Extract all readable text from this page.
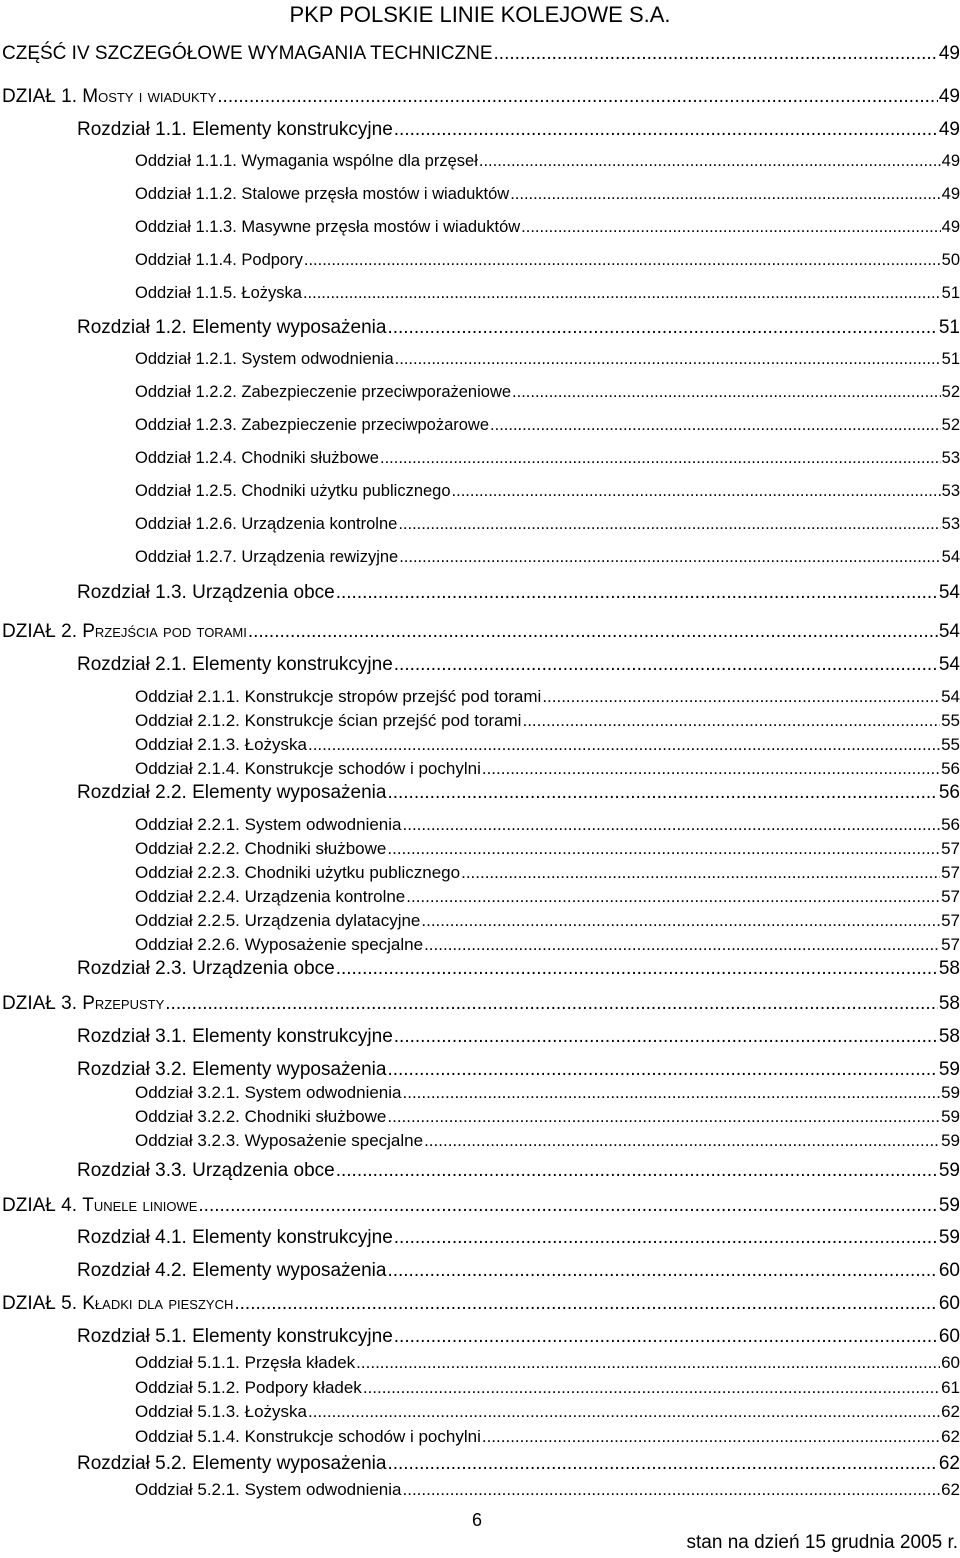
PKP POLSKIE LINIE KOLEJOWE S.A.
CZĘŚĆ IV SZCZEGÓŁOWE WYMAGANIA TECHNICZNE .....	49
DZIAŁ 1. Mosty i wiadukty .....	49
Rozdział 1.1. Elementy konstrukcyjne .....	49
Oddział 1.1.1. Wymagania wspólne dla przęseł .....	49
Oddział 1.1.2. Stalowe przęsła mostów i wiaduktów .....	49
Oddział 1.1.3. Masywne przęsła mostów i wiaduktów .....	49
Oddział 1.1.4. Podpory .....	50
Oddział 1.1.5. Łożyska .....	51
Rozdział 1.2. Elementy wyposażenia .....	51
Oddział 1.2.1. System odwodnienia .....	51
Oddział 1.2.2. Zabezpieczenie przeciwporażeniowe .....	52
Oddział 1.2.3. Zabezpieczenie przeciwpożarowe .....	52
Oddział 1.2.4. Chodniki służbowe .....	53
Oddział 1.2.5. Chodniki użytku publicznego .....	53
Oddział 1.2.6. Urządzenia kontrolne .....	53
Oddział 1.2.7. Urządzenia rewizyjne .....	54
Rozdział 1.3. Urządzenia obce .....	54
DZIAŁ 2. Przejścia pod torami .....	54
Rozdział 2.1. Elementy konstrukcyjne .....	54
Oddział 2.1.1. Konstrukcje stropów przejść pod torami .....	54
Oddział 2.1.2. Konstrukcje ścian przejść pod torami .....	55
Oddział 2.1.3. Łożyska .....	55
Oddział 2.1.4. Konstrukcje schodów i pochylni .....	56
Rozdział 2.2. Elementy wyposażenia .....	56
Oddział 2.2.1. System odwodnienia .....	56
Oddział 2.2.2. Chodniki służbowe .....	57
Oddział 2.2.3. Chodniki użytku publicznego .....	57
Oddział 2.2.4. Urządzenia kontrolne .....	57
Oddział 2.2.5. Urządzenia dylatacyjne .....	57
Oddział 2.2.6. Wyposażenie specjalne .....	57
Rozdział 2.3. Urządzenia obce .....	58
DZIAŁ 3. Przepusty .....	58
Rozdział 3.1. Elementy konstrukcyjne .....	58
Rozdział 3.2. Elementy wyposażenia .....	59
Oddział 3.2.1. System odwodnienia .....	59
Oddział 3.2.2. Chodniki służbowe .....	59
Oddział 3.2.3. Wyposażenie specjalne .....	59
Rozdział 3.3. Urządzenia obce .....	59
DZIAŁ 4. Tunele liniowe .....	59
Rozdział 4.1. Elementy konstrukcyjne .....	59
Rozdział 4.2. Elementy wyposażenia .....	60
DZIAŁ 5. Kładki dla pieszych .....	60
Rozdział 5.1. Elementy konstrukcyjne .....	60
Oddział 5.1.1. Przęsła kładek .....	60
Oddział 5.1.2. Podpory kładek .....	61
Oddział 5.1.3. Łożyska .....	62
Oddział 5.1.4. Konstrukcje schodów i pochylni .....	62
Rozdział 5.2. Elementy wyposażenia .....	62
Oddział 5.2.1. System odwodnienia .....	62
6
stan na dzień 15 grudnia 2005 r.
